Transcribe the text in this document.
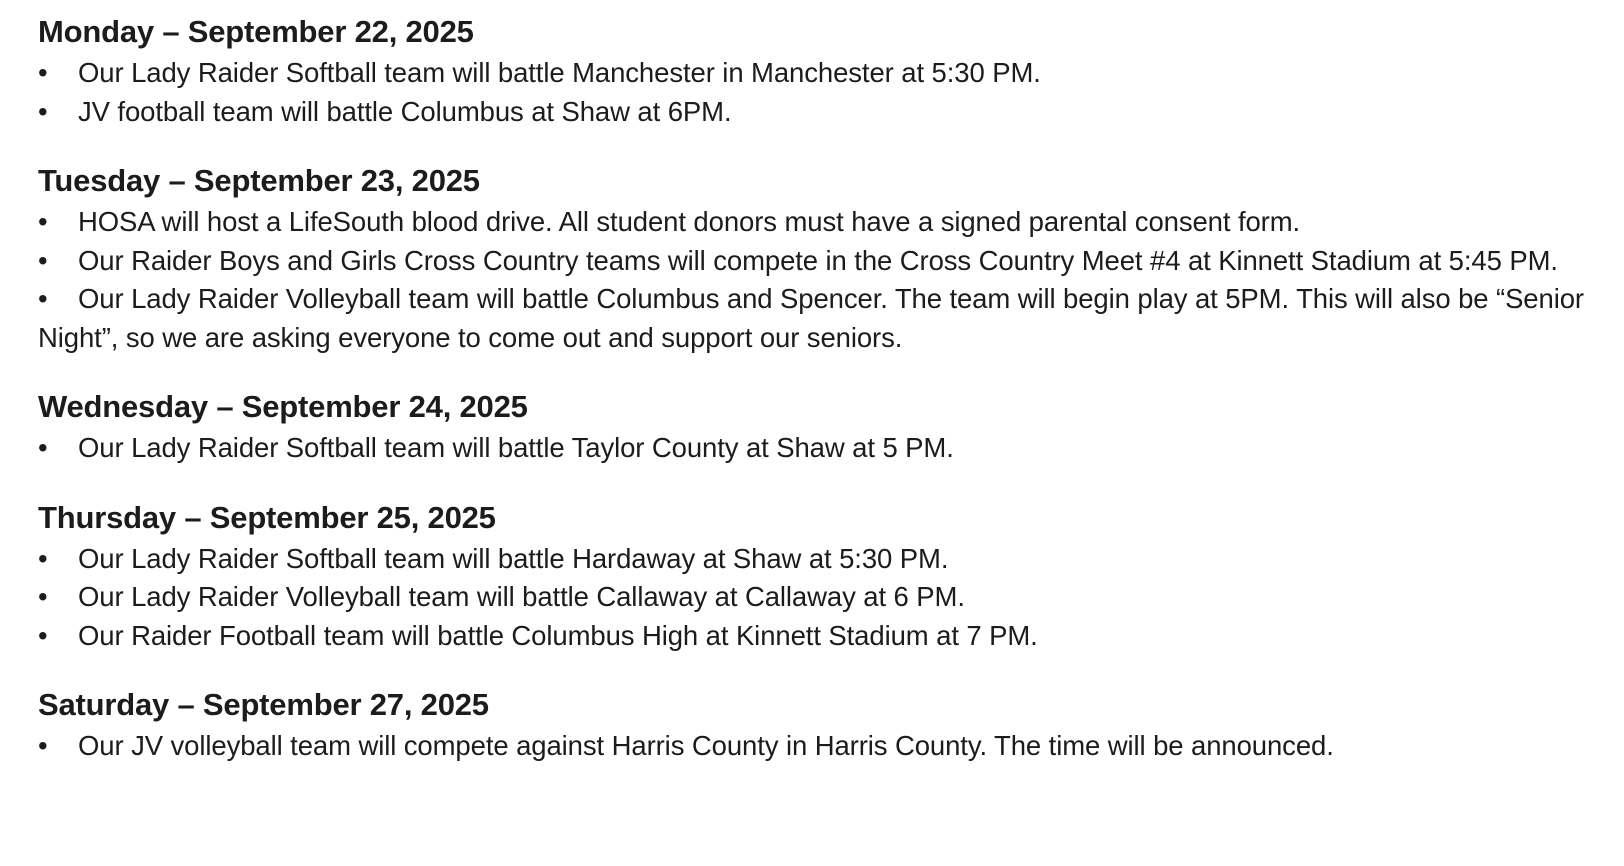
Monday – September 22, 2025
• Our Lady Raider Softball team will battle Manchester in Manchester at 5:30 PM.
• JV football team will battle Columbus at Shaw at 6PM.
Tuesday – September 23, 2025
• HOSA will host a LifeSouth blood drive. All student donors must have a signed parental consent form.
• Our Raider Boys and Girls Cross Country teams will compete in the Cross Country Meet #4 at Kinnett Stadium at 5:45 PM.
• Our Lady Raider Volleyball team will battle Columbus and Spencer. The team will begin play at 5PM. This will also be “Senior Night”, so we are asking everyone to come out and support our seniors.
Wednesday – September 24, 2025
• Our Lady Raider Softball team will battle Taylor County at Shaw at 5 PM.
Thursday – September 25, 2025
• Our Lady Raider Softball team will battle Hardaway at Shaw at 5:30 PM.
• Our Lady Raider Volleyball team will battle Callaway at Callaway at 6 PM.
• Our Raider Football team will battle Columbus High at Kinnett Stadium at 7 PM.
Saturday – September 27, 2025
• Our JV volleyball team will compete against Harris County in Harris County. The time will be announced.
